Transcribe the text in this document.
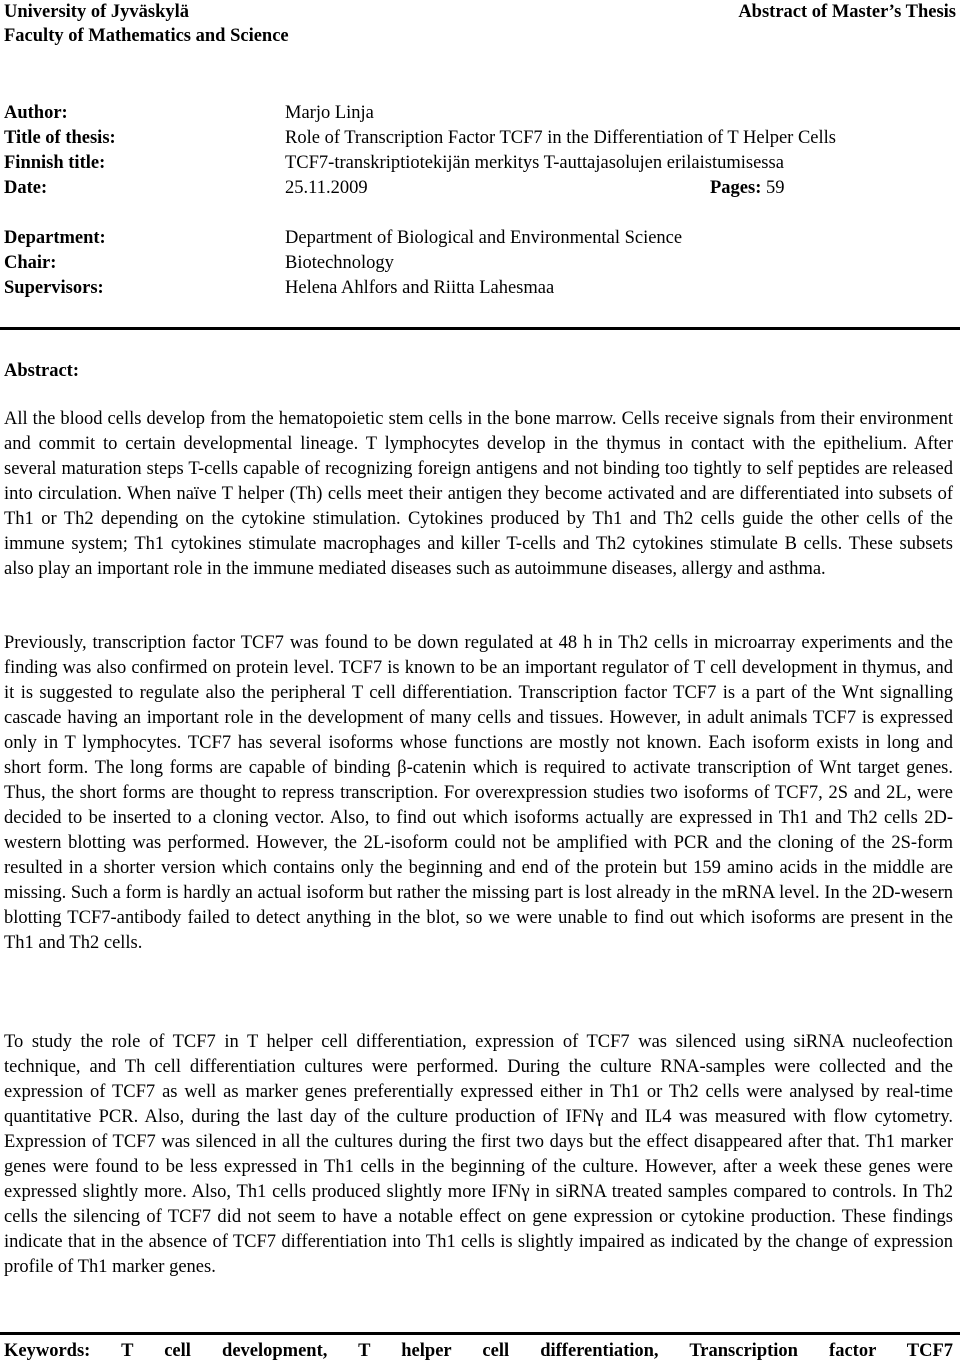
University of Jyväskylä
Faculty of Mathematics and Science
Abstract of Master’s Thesis
Author:	Marjo Linja
Title of thesis:	Role of Transcription Factor TCF7 in the Differentiation of T Helper Cells
Finnish title:	TCF7-transkriptiotekijän merkitys T-auttajasolujen erilaistumisessa
Date:	25.11.2009	Pages: 59
Department:	Department of Biological and Environmental Science
Chair:	Biotechnology
Supervisors:	Helena Ahlfors and Riitta Lahesmaa
Abstract:
All the blood cells develop from the hematopoietic stem cells in the bone marrow. Cells receive signals from their environment and commit to certain developmental lineage. T lymphocytes develop in the thymus in contact with the epithelium. After several maturation steps T-cells capable of recognizing foreign antigens and not binding too tightly to self peptides are released into circulation. When naïve T helper (Th) cells meet their antigen they become activated and are differentiated into subsets of Th1 or Th2 depending on the cytokine stimulation. Cytokines produced by Th1 and Th2 cells guide the other cells of the immune system; Th1 cytokines stimulate macrophages and killer T-cells and Th2 cytokines stimulate B cells. These subsets also play an important role in the immune mediated diseases such as autoimmune diseases, allergy and asthma.
Previously, transcription factor TCF7 was found to be down regulated at 48 h in Th2 cells in microarray experiments and the finding was also confirmed on protein level. TCF7 is known to be an important regulator of T cell development in thymus, and it is suggested to regulate also the peripheral T cell differentiation. Transcription factor TCF7 is a part of the Wnt signalling cascade having an important role in the development of many cells and tissues. However, in adult animals TCF7 is expressed only in T lymphocytes. TCF7 has several isoforms whose functions are mostly not known. Each isoform exists in long and short form. The long forms are capable of binding β-catenin which is required to activate transcription of Wnt target genes. Thus, the short forms are thought to repress transcription. For overexpression studies two isoforms of TCF7, 2S and 2L, were decided to be inserted to a cloning vector. Also, to find out which isoforms actually are expressed in Th1 and Th2 cells 2D-western blotting was performed. However, the 2L-isoform could not be amplified with PCR and the cloning of the 2S-form resulted in a shorter version which contains only the beginning and end of the protein but 159 amino acids in the middle are missing. Such a form is hardly an actual isoform but rather the missing part is lost already in the mRNA level. In the 2D-wesern blotting TCF7-antibody failed to detect anything in the blot, so we were unable to find out which isoforms are present in the Th1 and Th2 cells.
To study the role of TCF7 in T helper cell differentiation, expression of TCF7 was silenced using siRNA nucleofection technique, and Th cell differentiation cultures were performed. During the culture RNA-samples were collected and the expression of TCF7 as well as marker genes preferentially expressed either in Th1 or Th2 cells were analysed by real-time quantitative PCR. Also, during the last day of the culture production of IFNγ and IL4 was measured with flow cytometry. Expression of TCF7 was silenced in all the cultures during the first two days but the effect disappeared after that. Th1 marker genes were found to be less expressed in Th1 cells in the beginning of the culture. However, after a week these genes were expressed slightly more. Also, Th1 cells produced slightly more IFNγ in siRNA treated samples compared to controls. In Th2 cells the silencing of TCF7 did not seem to have a notable effect on gene expression or cytokine production. These findings indicate that in the absence of TCF7 differentiation into Th1 cells is slightly impaired as indicated by the change of expression profile of Th1 marker genes.
Keywords: T cell development, T helper cell differentiation, Transcription factor TCF7
